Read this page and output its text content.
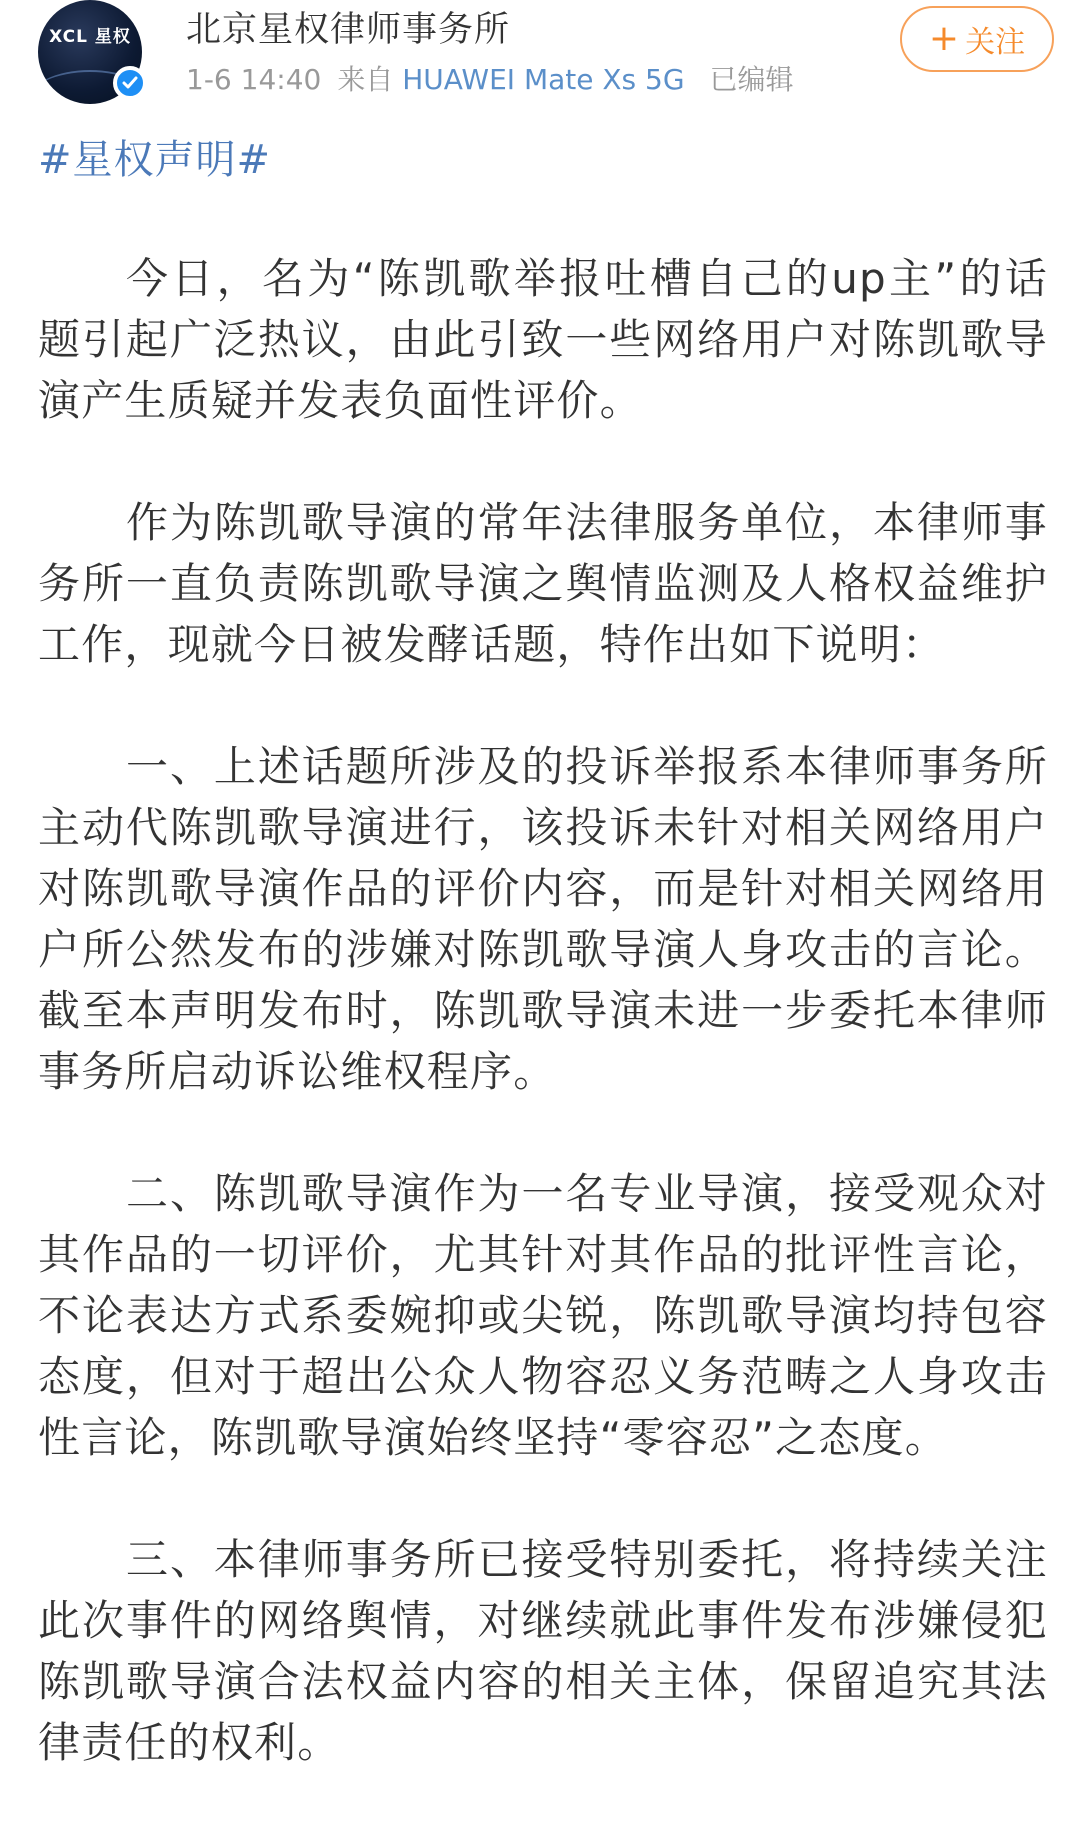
XCL 星权 北京星权律师事务所
1-6 14:40 来自 HUAWEI Mate Xs 5G 已编辑
+ 关注
#星权声明#

今日，名为“陈凯歌举报吐槽自己的up主”的话题引起广泛热议，由此引致一些网络用户对陈凯歌导演产生质疑并发表负面性评价。

作为陈凯歌导演的常年法律服务单位，本律师事务所一直负责陈凯歌导演之舆情监测及人格权益维护工作，现就今日被发酵话题，特作出如下说明：

一、上述话题所涉及的投诉举报系本律师事务所主动代陈凯歌导演进行，该投诉未针对相关网络用户对陈凯歌导演作品的评价内容，而是针对相关网络用户所公然发布的涉嫌对陈凯歌导演人身攻击的言论。截至本声明发布时，陈凯歌导演未进一步委托本律师事务所启动诉讼维权程序。

二、陈凯歌导演作为一名专业导演，接受观众对其作品的一切评价，尤其针对其作品的批评性言论，不论表达方式系委婉抑或尖锐，陈凯歌导演均持包容态度，但对于超出公众人物容忍义务范畴之人身攻击性言论，陈凯歌导演始终坚持“零容忍”之态度。

三、本律师事务所已接受特别委托，将持续关注此次事件的网络舆情，对继续就此事件发布涉嫌侵犯陈凯歌导演合法权益内容的相关主体，保留追究其法律责任的权利。
